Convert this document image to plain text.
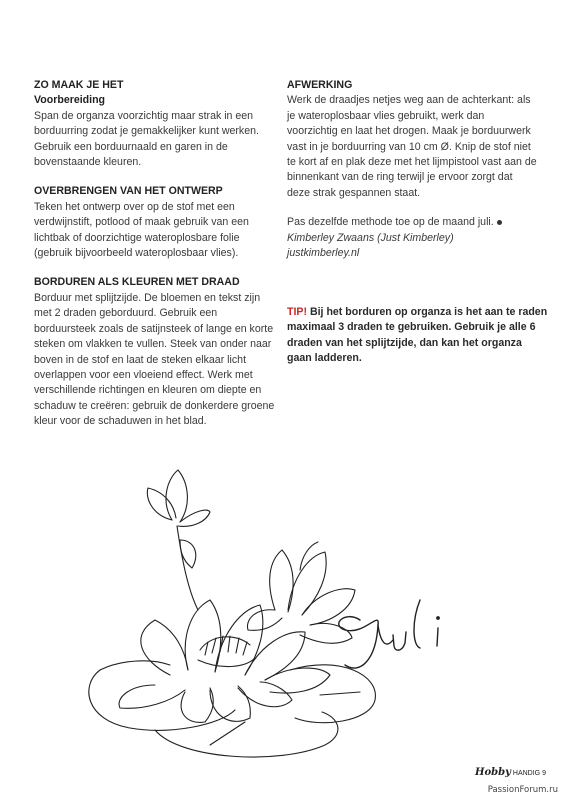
ZO MAAK JE HET

Voorbereiding

Span de organza voorzichtig maar strak in een borduurring zodat je gemakkelijker kunt werken. Gebruik een borduurnaald en garen in de bovenstaande kleuren.

OVERBRENGEN VAN HET ONTWERP

Teken het ontwerp over op de stof met een verdwijnstift, potlood of maak gebruik van een lichtbak of doorzichtige wateroplosbare folie (gebruik bijvoorbeeld wateroplosbaar vlies).

BORDUREN ALS KLEUREN MET DRAAD

Borduur met splijtzijde. De bloemen en tekst zijn met 2 draden geborduurd. Gebruik een borduursteek zoals de satijnsteek of lange en korte steken om vlakken te vullen. Steek van onder naar boven in de stof en laat de steken elkaar licht overlappen voor een vloeiend effect. Werk met verschillende richtingen en kleuren om diepte en schaduw te creëren: gebruik de donkerdere groene kleur voor de schaduwen in het blad.

AFWERKING

Werk de draadjes netjes weg aan de achterkant: als je wateroplosbaar vlies gebruikt, werk dan voorzichtig en laat het drogen. Maak je borduurwerk vast in je borduurring van 10 cm Ø. Knip de stof niet te kort af en plak deze met het lijmpistool vast aan de binnenkant van de ring terwijl je ervoor zorgt dat deze strak gespannen staat.

Pas dezelfde methode toe op de maand juli.

Kimberley Zwaans (Just Kimberley)

justkimberley.nl

TIP! Bij het borduren op organza is het aan te raden maximaal 3 draden te gebruiken. Gebruik je alle 6 draden van het splijtzijde, dan kan het organza gaan ladderen.
Juli
Hobby HANDIG 9
PassionForum.ru
